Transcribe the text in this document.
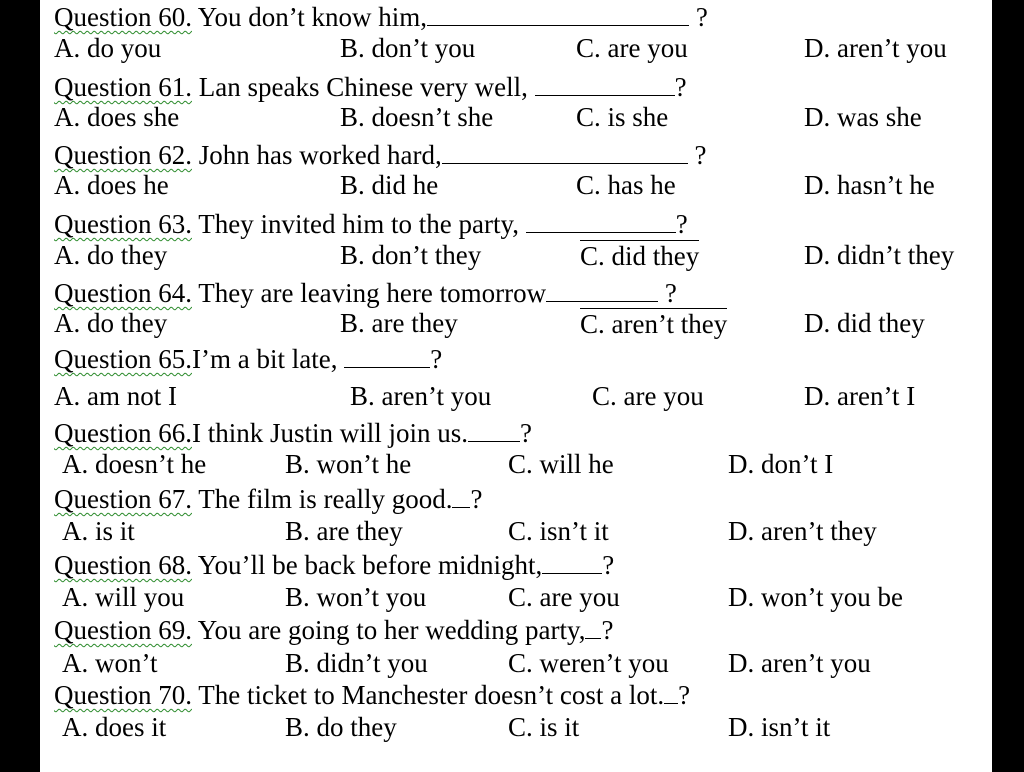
Question 60. You don’t know him,	?
A. do you	B. don’t you	C. are you	D. aren’t you
Question 61. Lan speaks Chinese very well,	?
A. does she	B. doesn’t she	C. is she	D. was she
Question 62. John has worked hard,	?
A. does he	B. did he	C. has he	D. hasn’t he
Question 63. They invited him to the party,	?
A. do they	B. don’t they	C. did they	D. didn’t they
Question 64. They are leaving here tomorrow	?
A. do they	B. are they	C. aren’t they	D. did they
Question 65.I’m a bit late,	?
A. am not I	B. aren’t you	C. are you	D. aren’t I
Question 66.I think Justin will join us. ?
A. doesn’t he	B. won’t he	C. will he	D. don’t I
Question 67. The film is really good. ?
A. is it	B. are they	C. isn’t it	D. aren’t they
Question 68. You’ll be back before midnight, ?
A. will you	B. won’t you	C. are you	D. won’t you be
Question 69. You are going to her wedding party, ?
A. won’t	B. didn’t you	C. weren’t you D. aren’t you
Question 70. The ticket to Manchester doesn’t cost a lot. ?
A. does it	B. do they	C. is it	D. isn’t it
